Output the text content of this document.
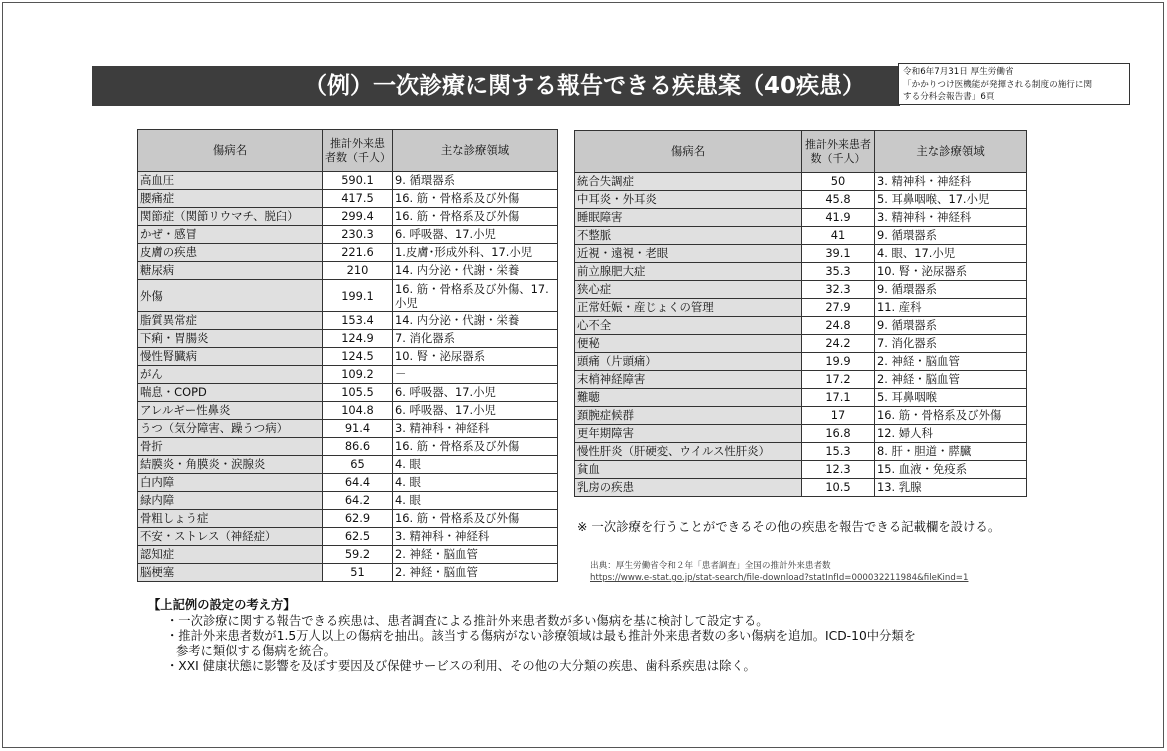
（例）一次診療に関する報告できる疾患案（40疾患）
令和6年7月31日 厚生労働省
「かかりつけ医機能が発揮される制度の施行に関
する分科会報告書」6頁
傷病名	推計外来患者数（千人）	主な診療領域
高血圧	590.1	9. 循環器系
腰痛症	417.5	16. 筋・骨格系及び外傷
関節症（関節リウマチ、脱臼）	299.4	16. 筋・骨格系及び外傷
かぜ・感冒	230.3	6. 呼吸器、17.小児
皮膚の疾患	221.6	1.皮膚･形成外科、17.小児
糖尿病	210	14. 内分泌・代謝・栄養
外傷	199.1	16. 筋・骨格系及び外傷、17.小児
脂質異常症	153.4	14. 内分泌・代謝・栄養
下痢・胃腸炎	124.9	7. 消化器系
慢性腎臓病	124.5	10. 腎・泌尿器系
がん	109.2	－
喘息・COPD	105.5	6. 呼吸器、17.小児
アレルギー性鼻炎	104.8	6. 呼吸器、17.小児
うつ（気分障害、躁うつ病）	91.4	3. 精神科・神経科
骨折	86.6	16. 筋・骨格系及び外傷
結膜炎・角膜炎・涙腺炎	65	4. 眼
白内障	64.4	4. 眼
緑内障	64.2	4. 眼
骨粗しょう症	62.9	16. 筋・骨格系及び外傷
不安・ストレス（神経症）	62.5	3. 精神科・神経科
認知症	59.2	2. 神経・脳血管
脳梗塞	51	2. 神経・脳血管
傷病名	推計外来患者数（千人）	主な診療領域
統合失調症	50	3. 精神科・神経科
中耳炎・外耳炎	45.8	5. 耳鼻咽喉、17.小児
睡眠障害	41.9	3. 精神科・神経科
不整脈	41	9. 循環器系
近視・遠視・老眼	39.1	4. 眼、17.小児
前立腺肥大症	35.3	10. 腎・泌尿器系
狭心症	32.3	9. 循環器系
正常妊娠・産じょくの管理	27.9	11. 産科
心不全	24.8	9. 循環器系
便秘	24.2	7. 消化器系
頭痛（片頭痛）	19.9	2. 神経・脳血管
末梢神経障害	17.2	2. 神経・脳血管
難聴	17.1	5. 耳鼻咽喉
頚腕症候群	17	16. 筋・骨格系及び外傷
更年期障害	16.8	12. 婦人科
慢性肝炎（肝硬変、ウイルス性肝炎）	15.3	8. 肝・胆道・膵臓
貧血	12.3	15. 血液・免疫系
乳房の疾患	10.5	13. 乳腺
※ 一次診療を行うことができるその他の疾患を報告できる記載欄を設ける。
出典：厚生労働省令和２年「患者調査」全国の推計外来患者数
https://www.e-stat.go.jp/stat-search/file-download?statInfId=000032211984&fileKind=1
【上記例の設定の考え方】
・一次診療に関する報告できる疾患は、患者調査による推計外来患者数が多い傷病を基に検討して設定する。
・推計外来患者数が1.5万人以上の傷病を抽出。該当する傷病がない診療領域は最も推計外来患者数の多い傷病を追加。ICD-10中分類を
参考に類似する傷病を統合。
・XXI 健康状態に影響を及ぼす要因及び保健サービスの利用、その他の大分類の疾患、歯科系疾患は除く。
